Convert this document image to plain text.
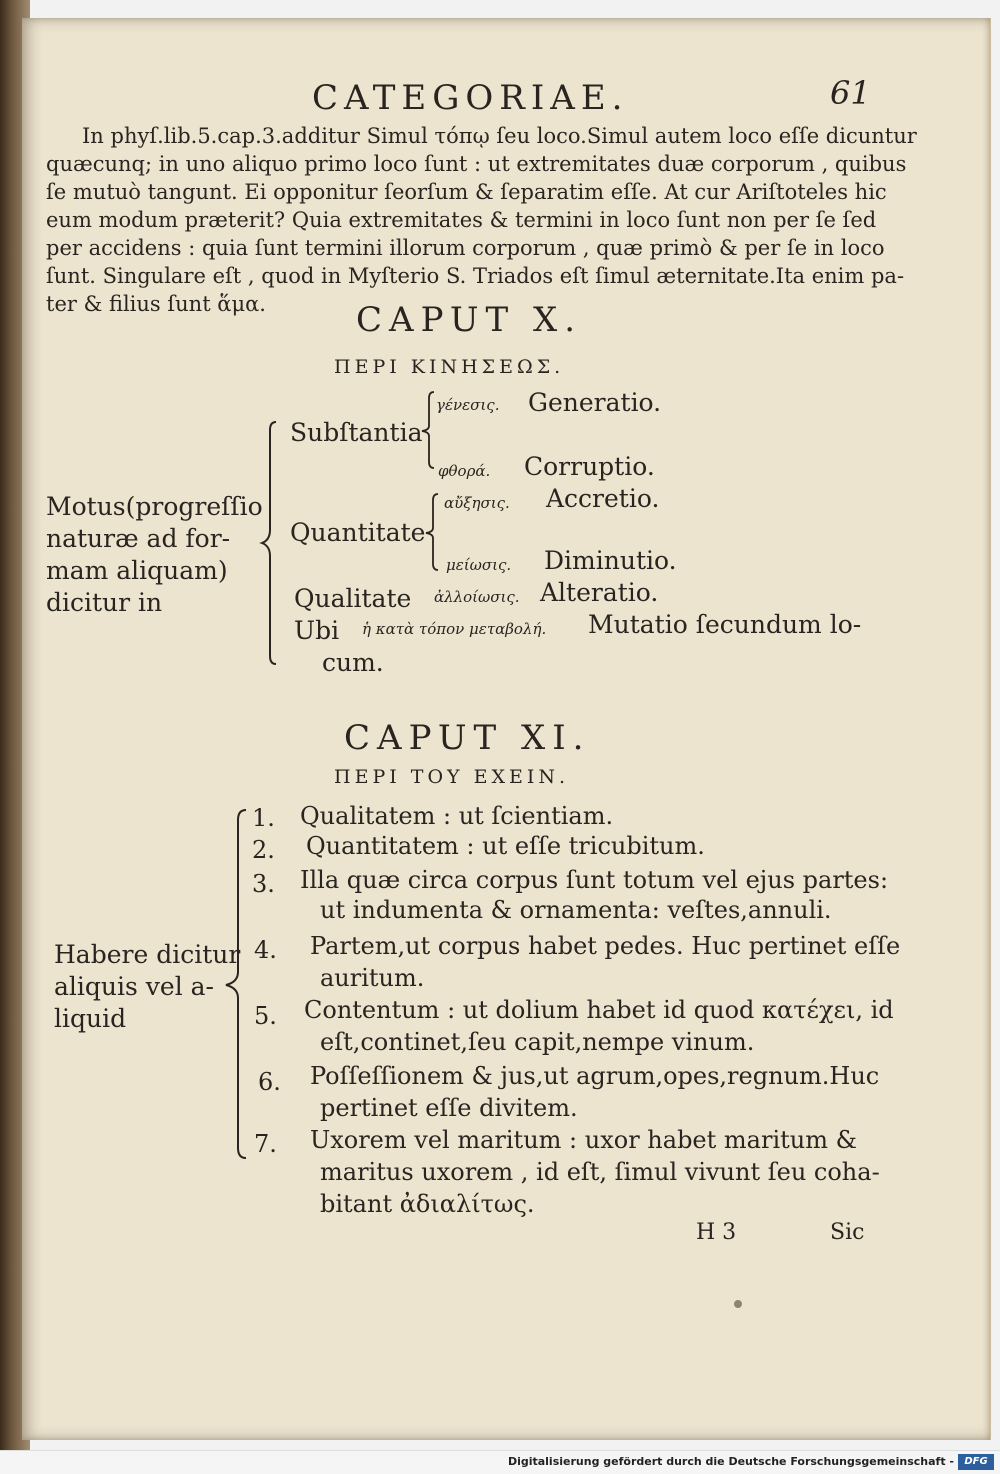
CATEGORIAE.	61
In phyſ.lib.5.cap.3.additur Simul τόπῳ ſeu loco.Simul autem loco eſſe dicuntur
quæcunq; in uno aliquo primo loco ſunt : ut extremitates duæ corporum , quibus
ſe mutuò tangunt. Ei opponitur ſeorſum & ſeparatim eſſe. At cur Ariſtoteles hic
eum modum præterit? Quia extremitates & termini in loco ſunt non per ſe ſed
per accidens : quia ſunt termini illorum corporum , quæ primò & per ſe in loco
ſunt. Singulare eſt , quod in Myſterio S. Triados eſt ſimul æternitate.Ita enim pa-
ter & filius ſunt ἅμα.	CAPUT X.
ΠΕΡΙ ΚΙΝΗΣΕΩΣ.
Motus(progreſſio
naturæ ad for-
mam aliquam)
dicitur in
Subſtantia
γένεσις. Generatio.
φθορά. Corruptio.
Quantitate
αὔξησις. Accretio.
μείωσις. Diminutio.
Qualitate ἀλλοίωσις. Alteratio.
Ubi ἡ κατὰ τόπον μεταβολή. Mutatio ſecundum lo-
cum.
CAPUT XI.
ΠΕΡΙ ΤΟΥ ΕΧΕΙΝ.
Habere dicitur
aliquis vel a-
liquid
1. Qualitatem : ut ſcientiam.
2. Quantitatem : ut eſſe tricubitum.
3. Illa quæ circa corpus ſunt totum vel ejus partes:
ut indumenta & ornamenta: veſtes,annuli.
4. Partem,ut corpus habet pedes. Huc pertinet eſſe
auritum.
5. Contentum : ut dolium habet id quod κατέχει, id
eſt,continet,ſeu capit,nempe vinum.
6. Poſſeſſionem & jus,ut agrum,opes,regnum.Huc
pertinet eſſe divitem.
7. Uxorem vel maritum : uxor habet maritum &
maritus uxorem , id eſt, ſimul vivunt ſeu coha-
bitant ἀδιαλίτως.
H 3	Sic
Digitalisierung gefördert durch die Deutsche Forschungsgemeinschaft -	DFG
